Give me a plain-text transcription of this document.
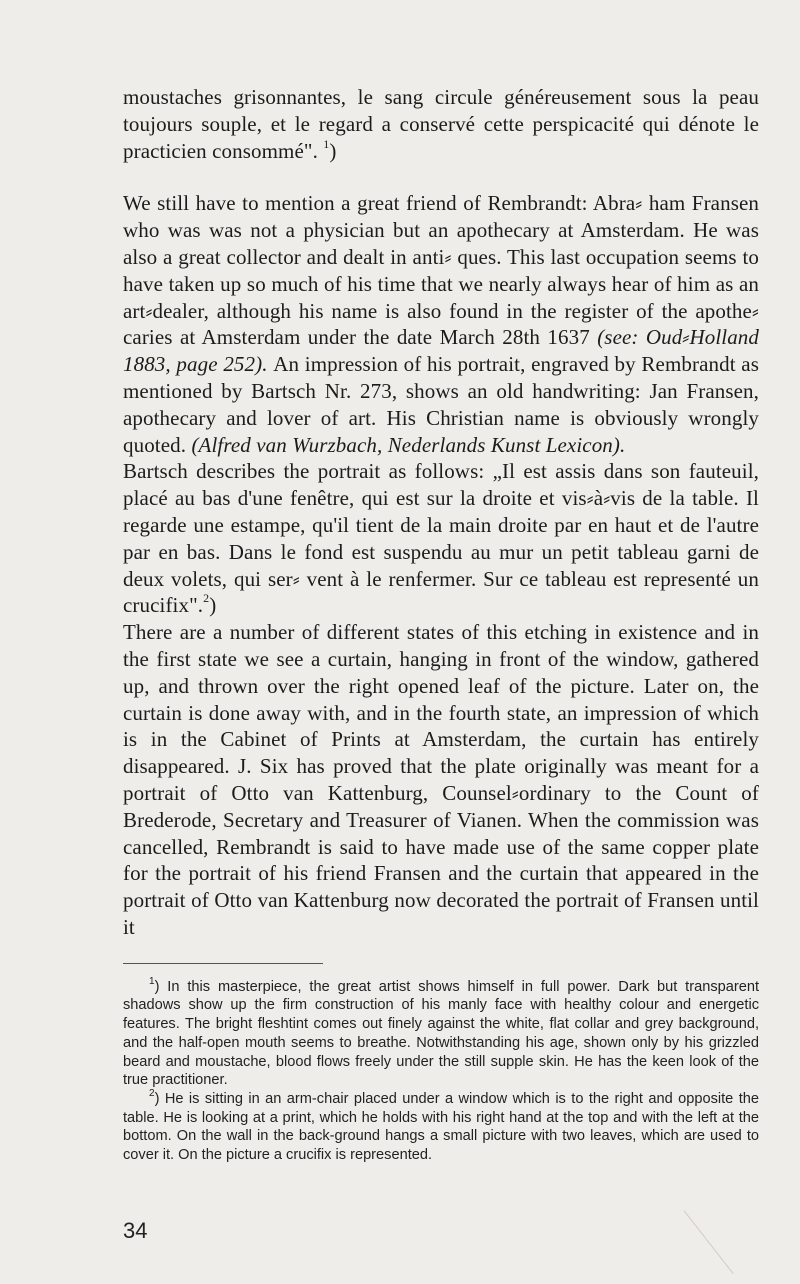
moustaches grisonnantes, le sang circule généreusement sous la peau toujours souple, et le regard a conservé cette perspicacité qui dénote le practicien consommé". $^1$)

We still have to mention a great friend of Rembrandt: Abra⸗ ham Fransen who was was not a physician but an apothecary at Amsterdam. He was also a great collector and dealt in anti⸗ ques. This last occupation seems to have taken up so much of his time that we nearly always hear of him as an art⸗dealer, although his name is also found in the register of the apothe⸗ caries at Amsterdam under the date March 28th 1637 (see: Oud⸗Holland 1883, page 252). An impression of his portrait, engraved by Rembrandt as mentioned by Bartsch Nr. 273, shows an old handwriting: Jan Fransen, apothecary and lover of art. His Christian name is obviously wrongly quoted. (Alfred van Wurzbach, Nederlands Kunst Lexicon).

Bartsch describes the portrait as follows: „Il est assis dans son fauteuil, placé au bas d'une fenêtre, qui est sur la droite et vis⸗à⸗vis de la table. Il regarde une estampe, qu'il tient de la main droite par en haut et de l'autre par en bas. Dans le fond est suspendu au mur un petit tableau garni de deux volets, qui ser⸗ vent à le renfermer. Sur ce tableau est representé un crucifix".$^2$)

There are a number of different states of this etching in existence and in the first state we see a curtain, hanging in front of the window, gathered up, and thrown over the right opened leaf of the picture. Later on, the curtain is done away with, and in the fourth state, an impression of which is in the Cabinet of Prints at Amsterdam, the curtain has entirely disappeared. J. Six has proved that the plate originally was meant for a portrait of Otto van Kattenburg, Counsel⸗ordinary to the Count of Brederode, Secretary and Treasurer of Vianen. When the commission was cancelled, Rembrandt is said to have made use of the same copper plate for the portrait of his friend Fransen and the curtain that appeared in the portrait of Otto van Kattenburg now decorated the portrait of Fransen until it

$^1$) In this masterpiece, the great artist shows himself in full power. Dark but transparent shadows show up the firm construction of his manly face with healthy colour and energetic features. The bright fleshtint comes out finely against the white, flat collar and grey background, and the half-open mouth seems to breathe. Notwithstanding his age, shown only by his grizzled beard and moustache, blood flows freely under the still supple skin. He has the keen look of the true practitioner.

$^2$) He is sitting in an arm-chair placed under a window which is to the right and opposite the table. He is looking at a print, which he holds with his right hand at the top and with the left at the bottom. On the wall in the back-ground hangs a small picture with two leaves, which are used to cover it. On the picture a crucifix is represented.

34
